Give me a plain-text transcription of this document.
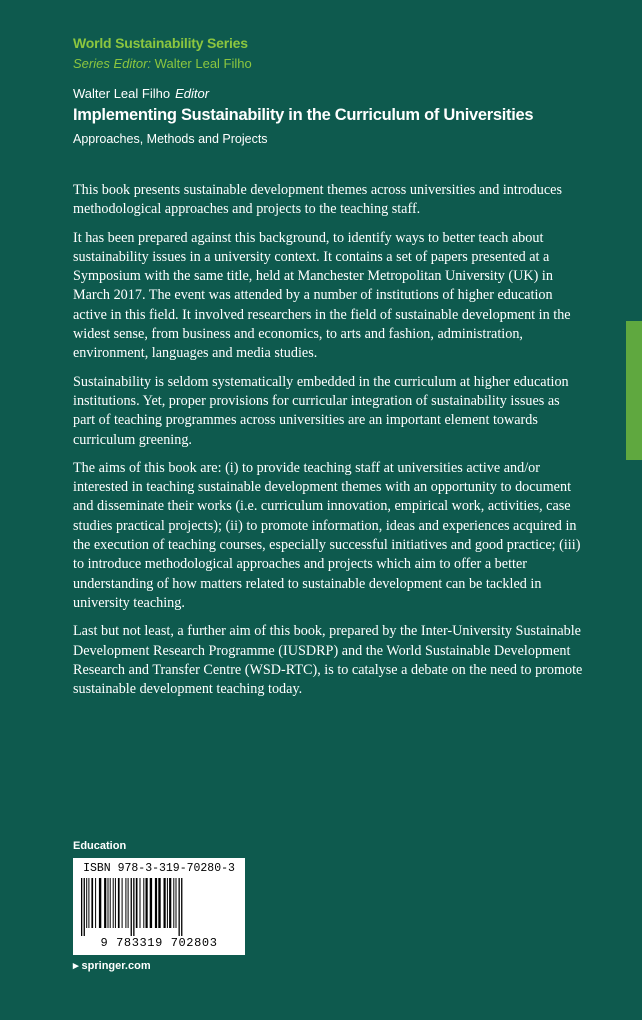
World Sustainability Series
Series Editor: Walter Leal Filho
Walter Leal Filho Editor
Implementing Sustainability in the Curriculum of Universities
Approaches, Methods and Projects

This book presents sustainable development themes across universities and introduces methodological approaches and projects to the teaching staff.

It has been prepared against this background, to identify ways to better teach about sustainability issues in a university context. It contains a set of papers presented at a Symposium with the same title, held at Manchester Metropolitan University (UK) in March 2017. The event was attended by a number of institutions of higher education active in this field. It involved researchers in the field of sustainable development in the widest sense, from business and economics, to arts and fashion, administration, environment, languages and media studies.

Sustainability is seldom systematically embedded in the curriculum at higher education institutions. Yet, proper provisions for curricular integration of sustainability issues as part of teaching programmes across universities are an important element towards curriculum greening.

The aims of this book are: (i) to provide teaching staff at universities active and/or interested in teaching sustainable development themes with an opportunity to document and disseminate their works (i.e. curriculum innovation, empirical work, activities, case studies practical projects); (ii) to promote information, ideas and experiences acquired in the execution of teaching courses, especially successful initiatives and good practice; (iii) to introduce methodological approaches and projects which aim to offer a better understanding of how matters related to sustainable development can be tackled in university teaching.

Last but not least, a further aim of this book, prepared by the Inter-University Sustainable Development Research Programme (IUSDRP) and the World Sustainable Development Research and Transfer Centre (WSD-RTC), is to catalyse a debate on the need to promote sustainable development teaching today.

Education
ISBN 978-3-319-70280-3
9 783319 702803
▸ springer.com
